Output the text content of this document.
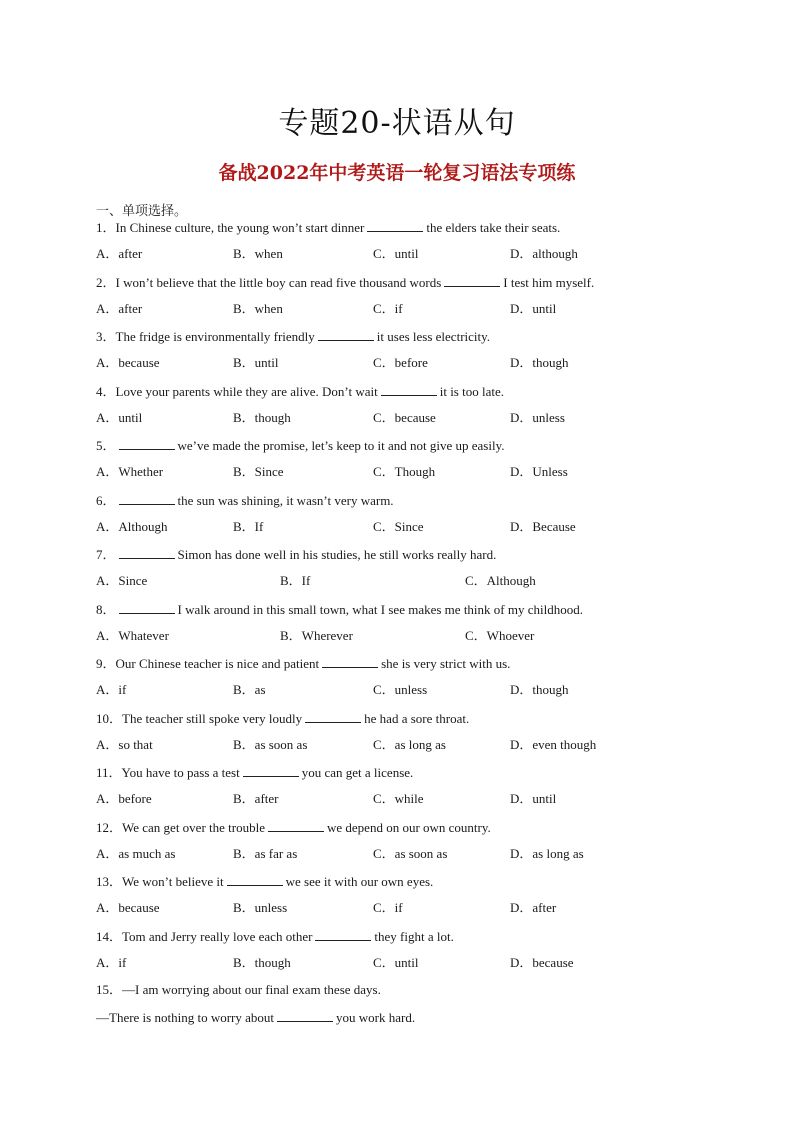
专题20-状语从句
备战2022年中考英语一轮复习语法专项练
一、单项选择。
1．In Chinese culture, the young won’t start dinner	the elders take their seats.
A．after	B．when	C．until	D．although
2．I won’t believe that the little boy can read five thousand words	I test him myself.
A．after	B．when	C．if	D．until
3．The fridge is environmentally friendly	it uses less electricity.
A．because	B．until	C．before	D．though
4．Love your parents while they are alive. Don’t wait	it is too late.
A．until	B．though	C．because	D．unless
5．	we’ve made the promise, let’s keep to it and not give up easily.
A．Whether	B．Since	C．Though	D．Unless
6．	the sun was shining, it wasn’t very warm.
A．Although	B．If	C．Since	D．Because
7．	Simon has done well in his studies, he still works really hard.
A．Since	B．If	C．Although
8．	I walk around in this small town, what I see makes me think of my childhood.
A．Whatever	B．Wherever	C．Whoever
9．Our Chinese teacher is nice and patient	she is very strict with us.
A．if	B．as	C．unless	D．though
10．The teacher still spoke very loudly	he had a sore throat.
A．so that	B．as soon as	C．as long as	D．even though
11．You have to pass a test	you can get a license.
A．before	B．after	C．while	D．until
12．We can get over the trouble	we depend on our own country.
A．as much as	B．as far as	C．as soon as	D．as long as
13．We won’t believe it	we see it with our own eyes.
A．because	B．unless	C．if	D．after
14．Tom and Jerry really love each other	they fight a lot.
A．if	B．though	C．until	D．because
15．—I am worrying about our final exam these days.
—There is nothing to worry about	you work hard.
